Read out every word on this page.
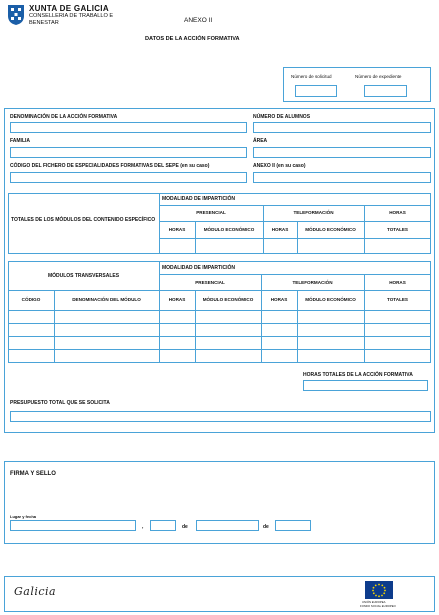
XUNTA DE GALICIA
CONSELLERIA DE TRABALLO E
BENESTAR	ANEXO II
DATOS DE LA ACCIÓN FORMATIVA
Número de solicitud	Número de expediente
DENOMINACIÓN DE LA ACCIÓN FORMATIVA	NÚMERO DE ALUMNOS
FAMILIA	ÁREA
CÓDIGO DEL FICHERO DE ESPECIALIDADES FORMATIVAS DEL SEPE (en su caso)	ANEXO II (en su caso)
TOTALES DE LOS MÓDULOS DEL CONTENIDO ESPECÍFICO
MODALIDAD DE IMPARTICIÓN
PRESENCIAL	TELEFORMACIÓN	HORAS
HORAS	MÓDULO ECONÓMICO	HORAS	MÓDULO ECONÓMICO	TOTALES
MÓDULOS TRANSVERSALES
MODALIDAD DE IMPARTICIÓN
PRESENCIAL	TELEFORMACIÓN	HORAS
CÓDIGO	DENOMINACIÓN DEL MÓDULO	HORAS	MÓDULO ECONÓMICO	HORAS	MÓDULO ECONÓMICO	TOTALES
HORAS TOTALES DE LA ACCIÓN FORMATIVA
PRESUPUESTO TOTAL QUE SE SOLICITA
FIRMA Y SELLO
Lugar y fecha
,	de	de
Galicia
UNIÓN EUROPEA
FONDO SOCIAL EUROPEO
